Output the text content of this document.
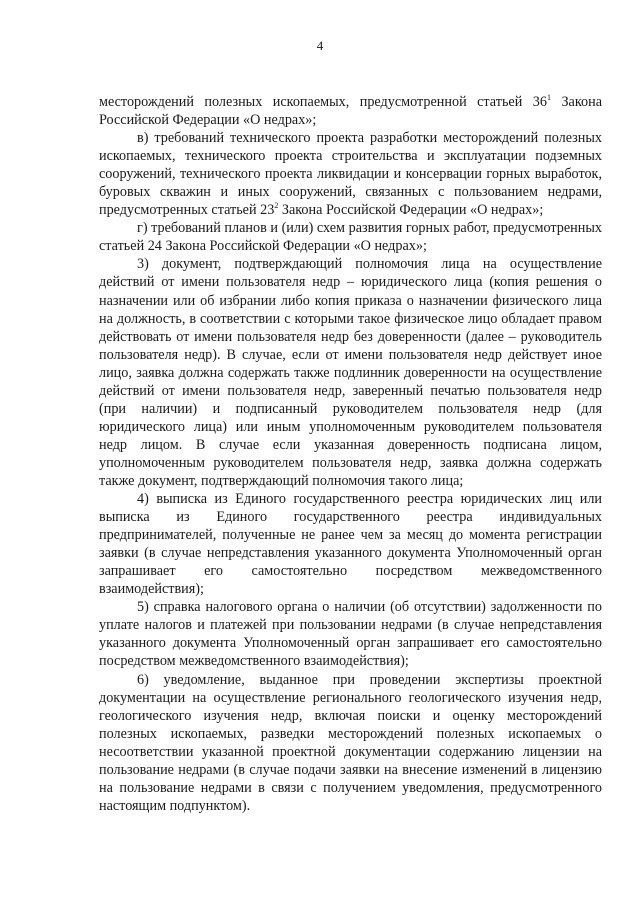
4

месторождений полезных ископаемых, предусмотренной статьей $36^1$ Закона Российской Федерации «О недрах»;

в) требований технического проекта разработки месторождений полезных ископаемых, технического проекта строительства и эксплуатации подземных сооружений, технического проекта ликвидации и консервации горных выработок, буровых скважин и иных сооружений, связанных с пользованием недрами, предусмотренных статьей $23^2$ Закона Российской Федерации «О недрах»;

г) требований планов и (или) схем развития горных работ, предусмотренных статьей 24 Закона Российской Федерации «О недрах»;

3) документ, подтверждающий полномочия лица на осуществление действий от имени пользователя недр – юридического лица (копия решения о назначении или об избрании либо копия приказа о назначении физического лица на должность, в соответствии с которыми такое физическое лицо обладает правом действовать от имени пользователя недр без доверенности (далее – руководитель пользователя недр). В случае, если от имени пользователя недр действует иное лицо, заявка должна содержать также подлинник доверенности на осуществление действий от имени пользователя недр, заверенный печатью пользователя недр (при наличии) и подписанный руководителем пользователя недр (для юридического лица) или иным уполномоченным руководителем пользователя недр лицом. В случае если указанная доверенность подписана лицом, уполномоченным руководителем пользователя недр, заявка должна содержать также документ, подтверждающий полномочия такого лица;

4) выписка из Единого государственного реестра юридических лиц или выписка из Единого государственного реестра индивидуальных предпринимателей, полученные не ранее чем за месяц до момента регистрации заявки (в случае непредставления указанного документа Уполномоченный орган запрашивает его самостоятельно посредством межведомственного взаимодействия);

5) справка налогового органа о наличии (об отсутствии) задолженности по уплате налогов и платежей при пользовании недрами (в случае непредставления указанного документа Уполномоченный орган запрашивает его самостоятельно посредством межведомственного взаимодействия);

6) уведомление, выданное при проведении экспертизы проектной документации на осуществление регионального геологического изучения недр, геологического изучения недр, включая поиски и оценку месторождений полезных ископаемых, разведки месторождений полезных ископаемых о несоответствии указанной проектной документации содержанию лицензии на пользование недрами (в случае подачи заявки на внесение изменений в лицензию на пользование недрами в связи с получением уведомления, предусмотренного настоящим подпунктом).
